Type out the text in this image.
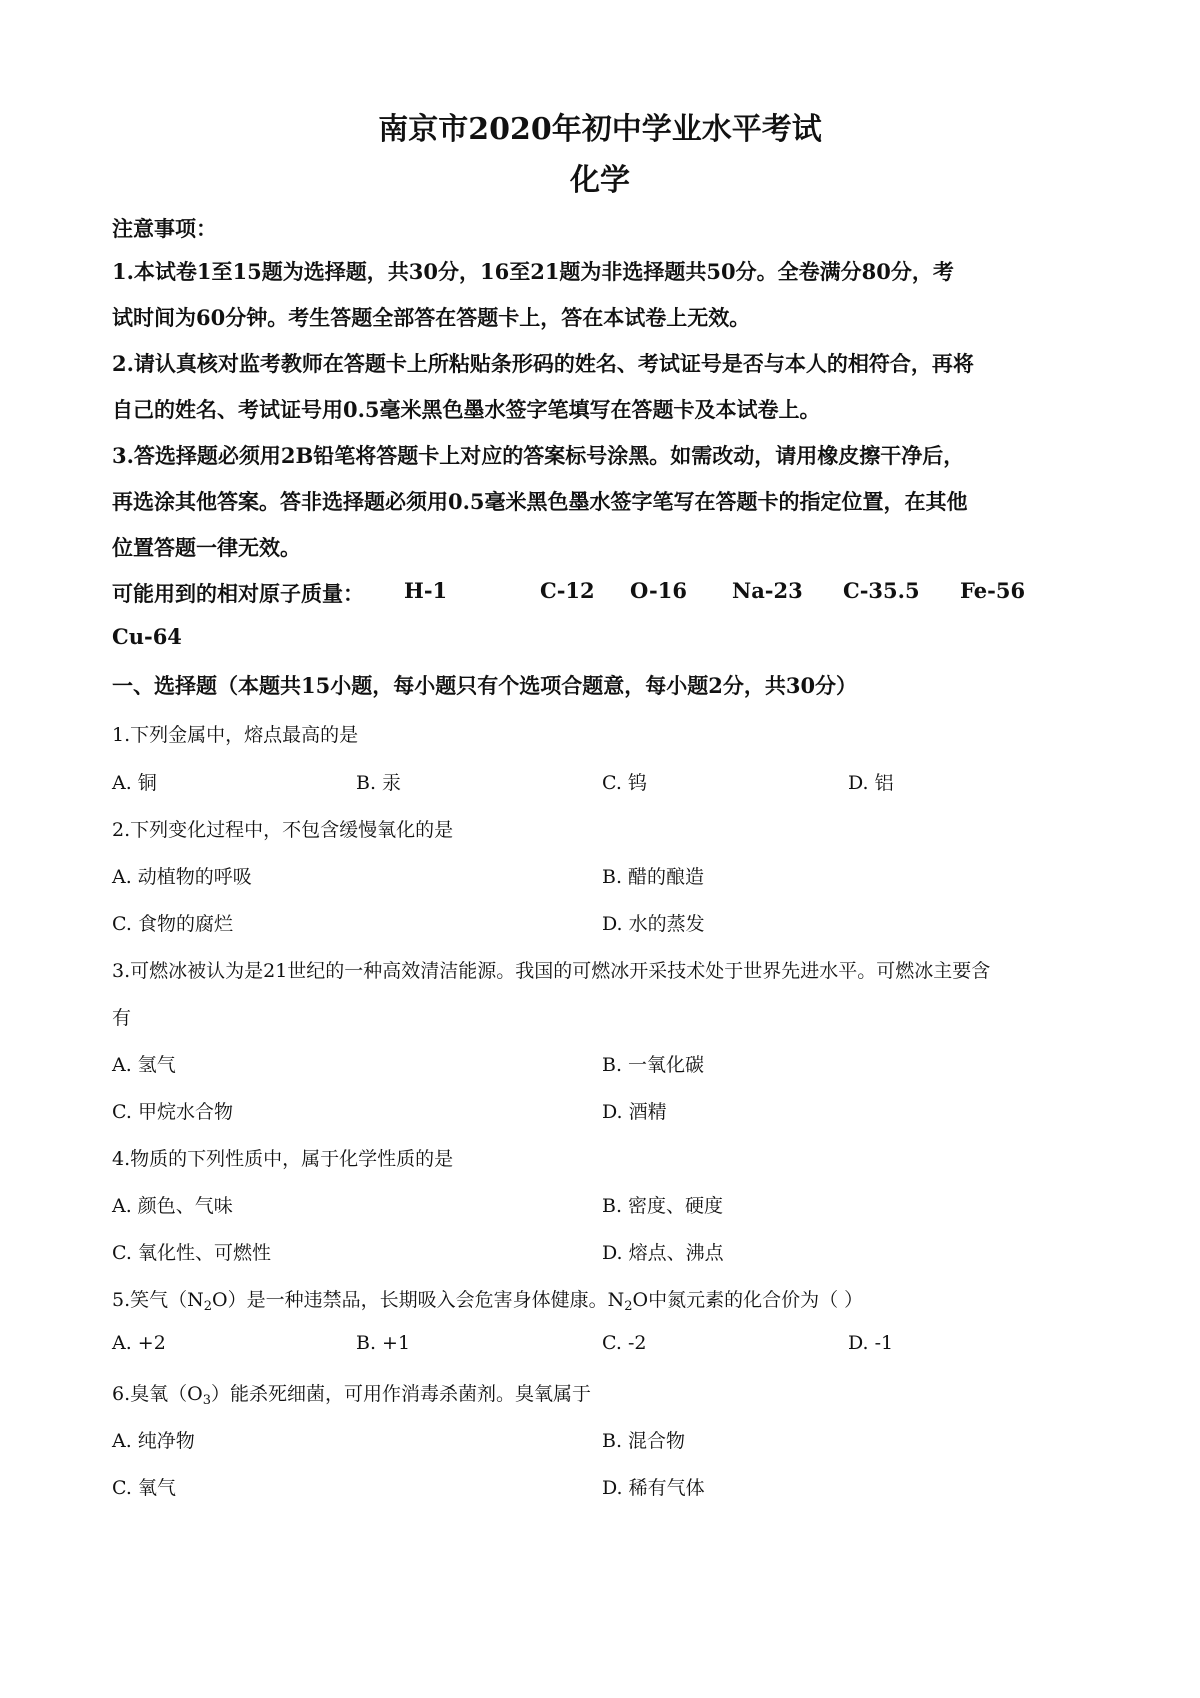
南京市2020年初中学业水平考试
化学
注意事项：
1.本试卷1至15题为选择题，共30分，16至21题为非选择题共50分。全卷满分80分，考
试时间为60分钟。考生答题全部答在答题卡上，答在本试卷上无效。
2.请认真核对监考教师在答题卡上所粘贴条形码的姓名、考试证号是否与本人的相符合，再将
自己的姓名、考试证号用0.5毫米黑色墨水签字笔填写在答题卡及本试卷上。
3.答选择题必须用2B铅笔将答题卡上对应的答案标号涂黑。如需改动，请用橡皮擦干净后，
再选涂其他答案。答非选择题必须用0.5毫米黑色墨水签字笔写在答题卡的指定位置，在其他
位置答题一律无效。
可能用到的相对原子质量： H-1	C-12 O-16 Na-23 C-35.5 Fe-56
Cu-64
一、选择题（本题共15小题，每小题只有个选项合题意，每小题2分，共30分）
1.下列金属中，熔点最高的是
A. 铜	B. 汞	C. 钨	D. 铝
2.下列变化过程中，不包含缓慢氧化的是
A. 动植物的呼吸	B. 醋的酿造
C. 食物的腐烂	D. 水的蒸发
3.可燃冰被认为是21世纪的一种高效清洁能源。我国的可燃冰开采技术处于世界先进水平。可燃冰主要含
有
A. 氢气	B. 一氧化碳
C. 甲烷水合物	D. 酒精
4.物质的下列性质中，属于化学性质的是
A. 颜色、气味	B. 密度、硬度
C. 氧化性、可燃性	D. 熔点、沸点
5.笑气$(N_2O)$是一种违禁品，长期吸入会危害身体健康。$N_2O$中氮元素的化合价为（ ）
A. +2	B. +1	C. -2	D. -1
6.臭氧$(O_3)$能杀死细菌，可用作消毒杀菌剂。臭氧属于
A. 纯净物	B. 混合物
C. 氧气	D. 稀有气体
